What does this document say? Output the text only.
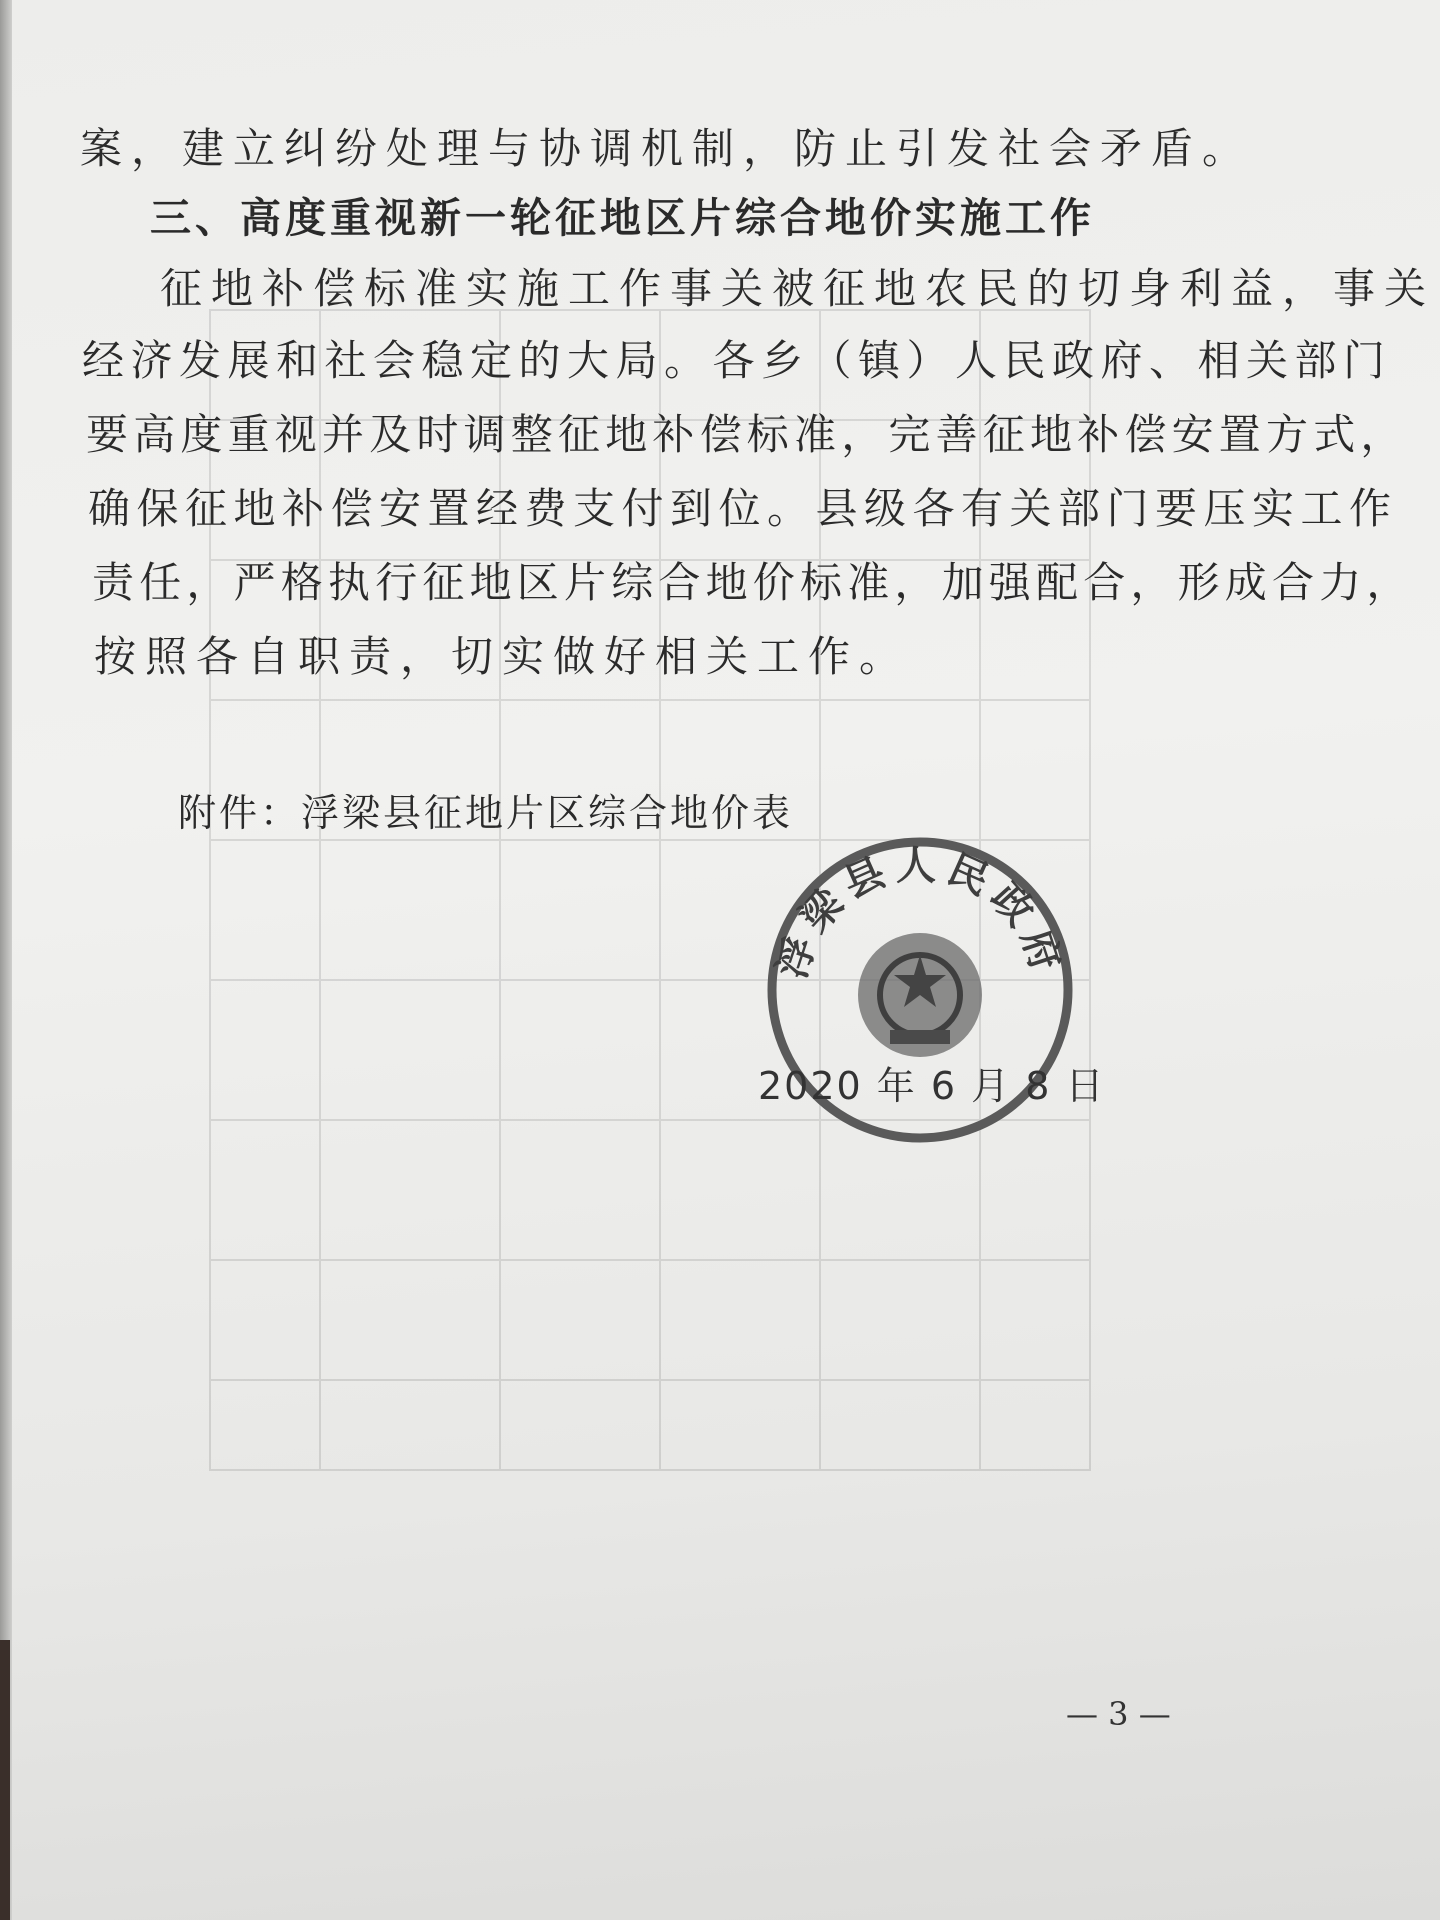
案，建立纠纷处理与协调机制，防止引发社会矛盾。
三、高度重视新一轮征地区片综合地价实施工作
征地补偿标准实施工作事关被征地农民的切身利益，事关
经济发展和社会稳定的大局。各乡（镇）人民政府、相关部门
要高度重视并及时调整征地补偿标准，完善征地补偿安置方式，
确保征地补偿安置经费支付到位。县级各有关部门要压实工作
责任，严格执行征地区片综合地价标准，加强配合，形成合力，
按照各自职责，切实做好相关工作。
附件：浮梁县征地片区综合地价表
浮梁县人民政府
2020 年 6 月 8 日
— 3 —
